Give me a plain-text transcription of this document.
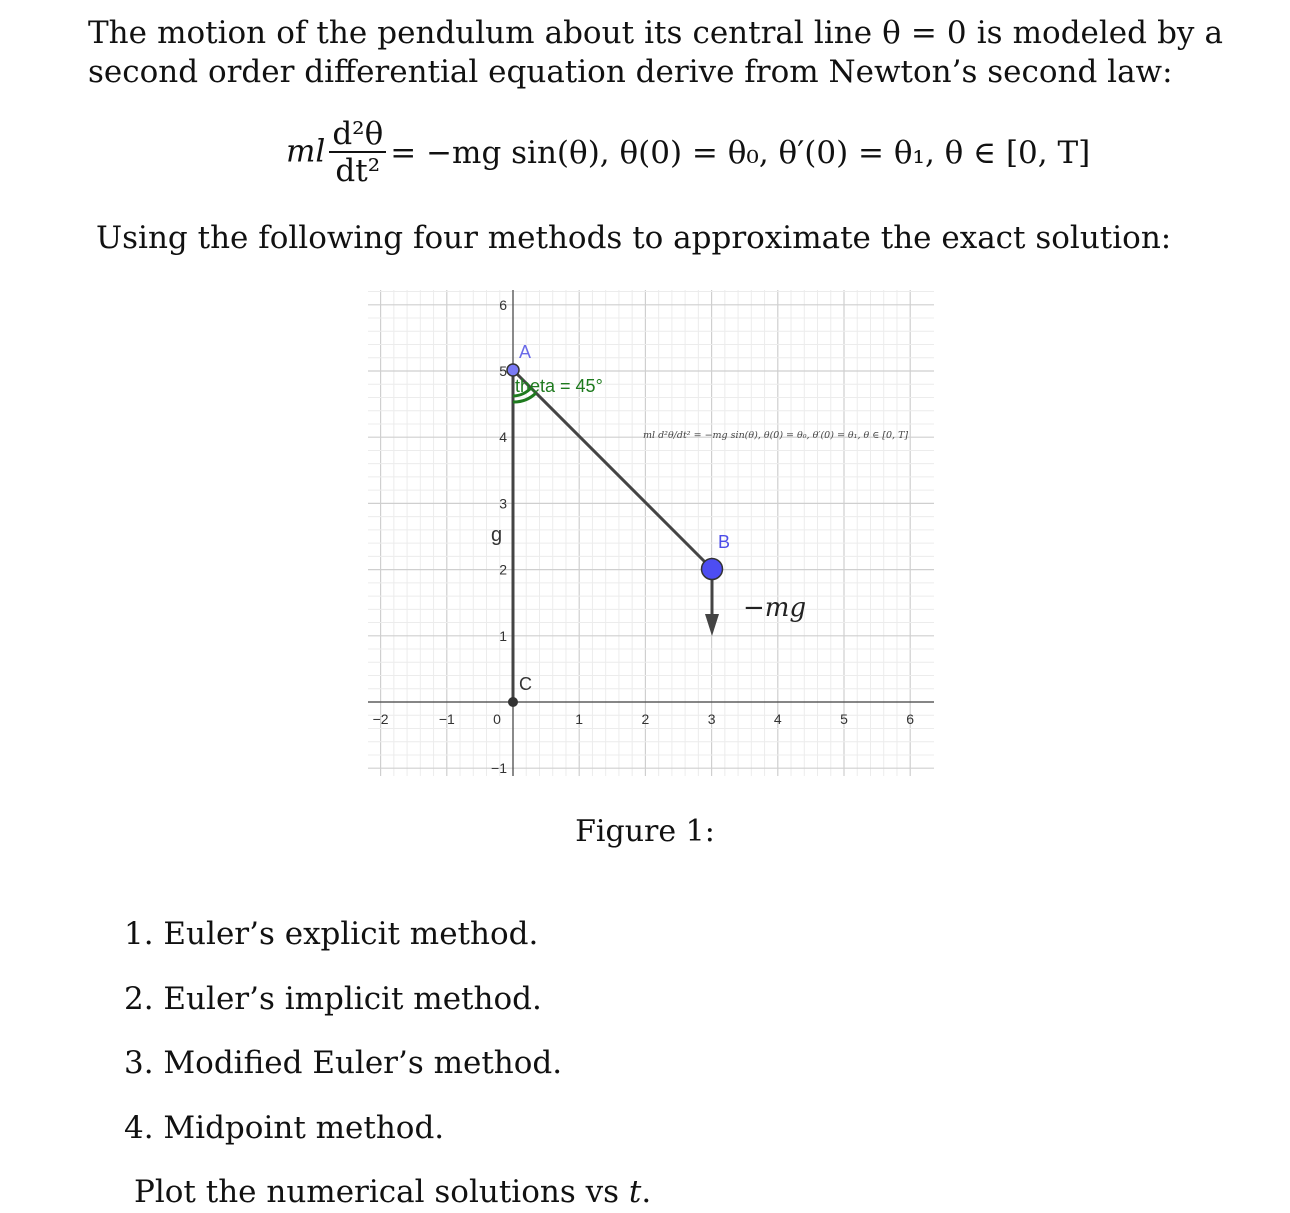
The motion of the pendulum about its central line θ = 0 is modeled by a second order differential equation derive from Newton’s second law:

ml $\frac{\text{d²θ}}{\text{dt²}} = -mg$ sin(θ), θ(0) = θ₀, θ′(0) = θ₁, θ ∈ [0, T]

Using the following four methods to approximate the exact solution:

−2	−1	0	1	2	3	4	5	6
−1
1
2
3
4
5
6
A
B
C
theta = 45°
g
−mg
ml d²θ/dt² = −mg sin(θ), θ(0) = θ₀, θ′(0) = θ₁, θ ∈ [0, T]
Figure 1:
1. Euler’s explicit method.
2. Euler’s implicit method.
3. Modified Euler’s method.
4. Midpoint method.

Plot the numerical solutions vs t.
